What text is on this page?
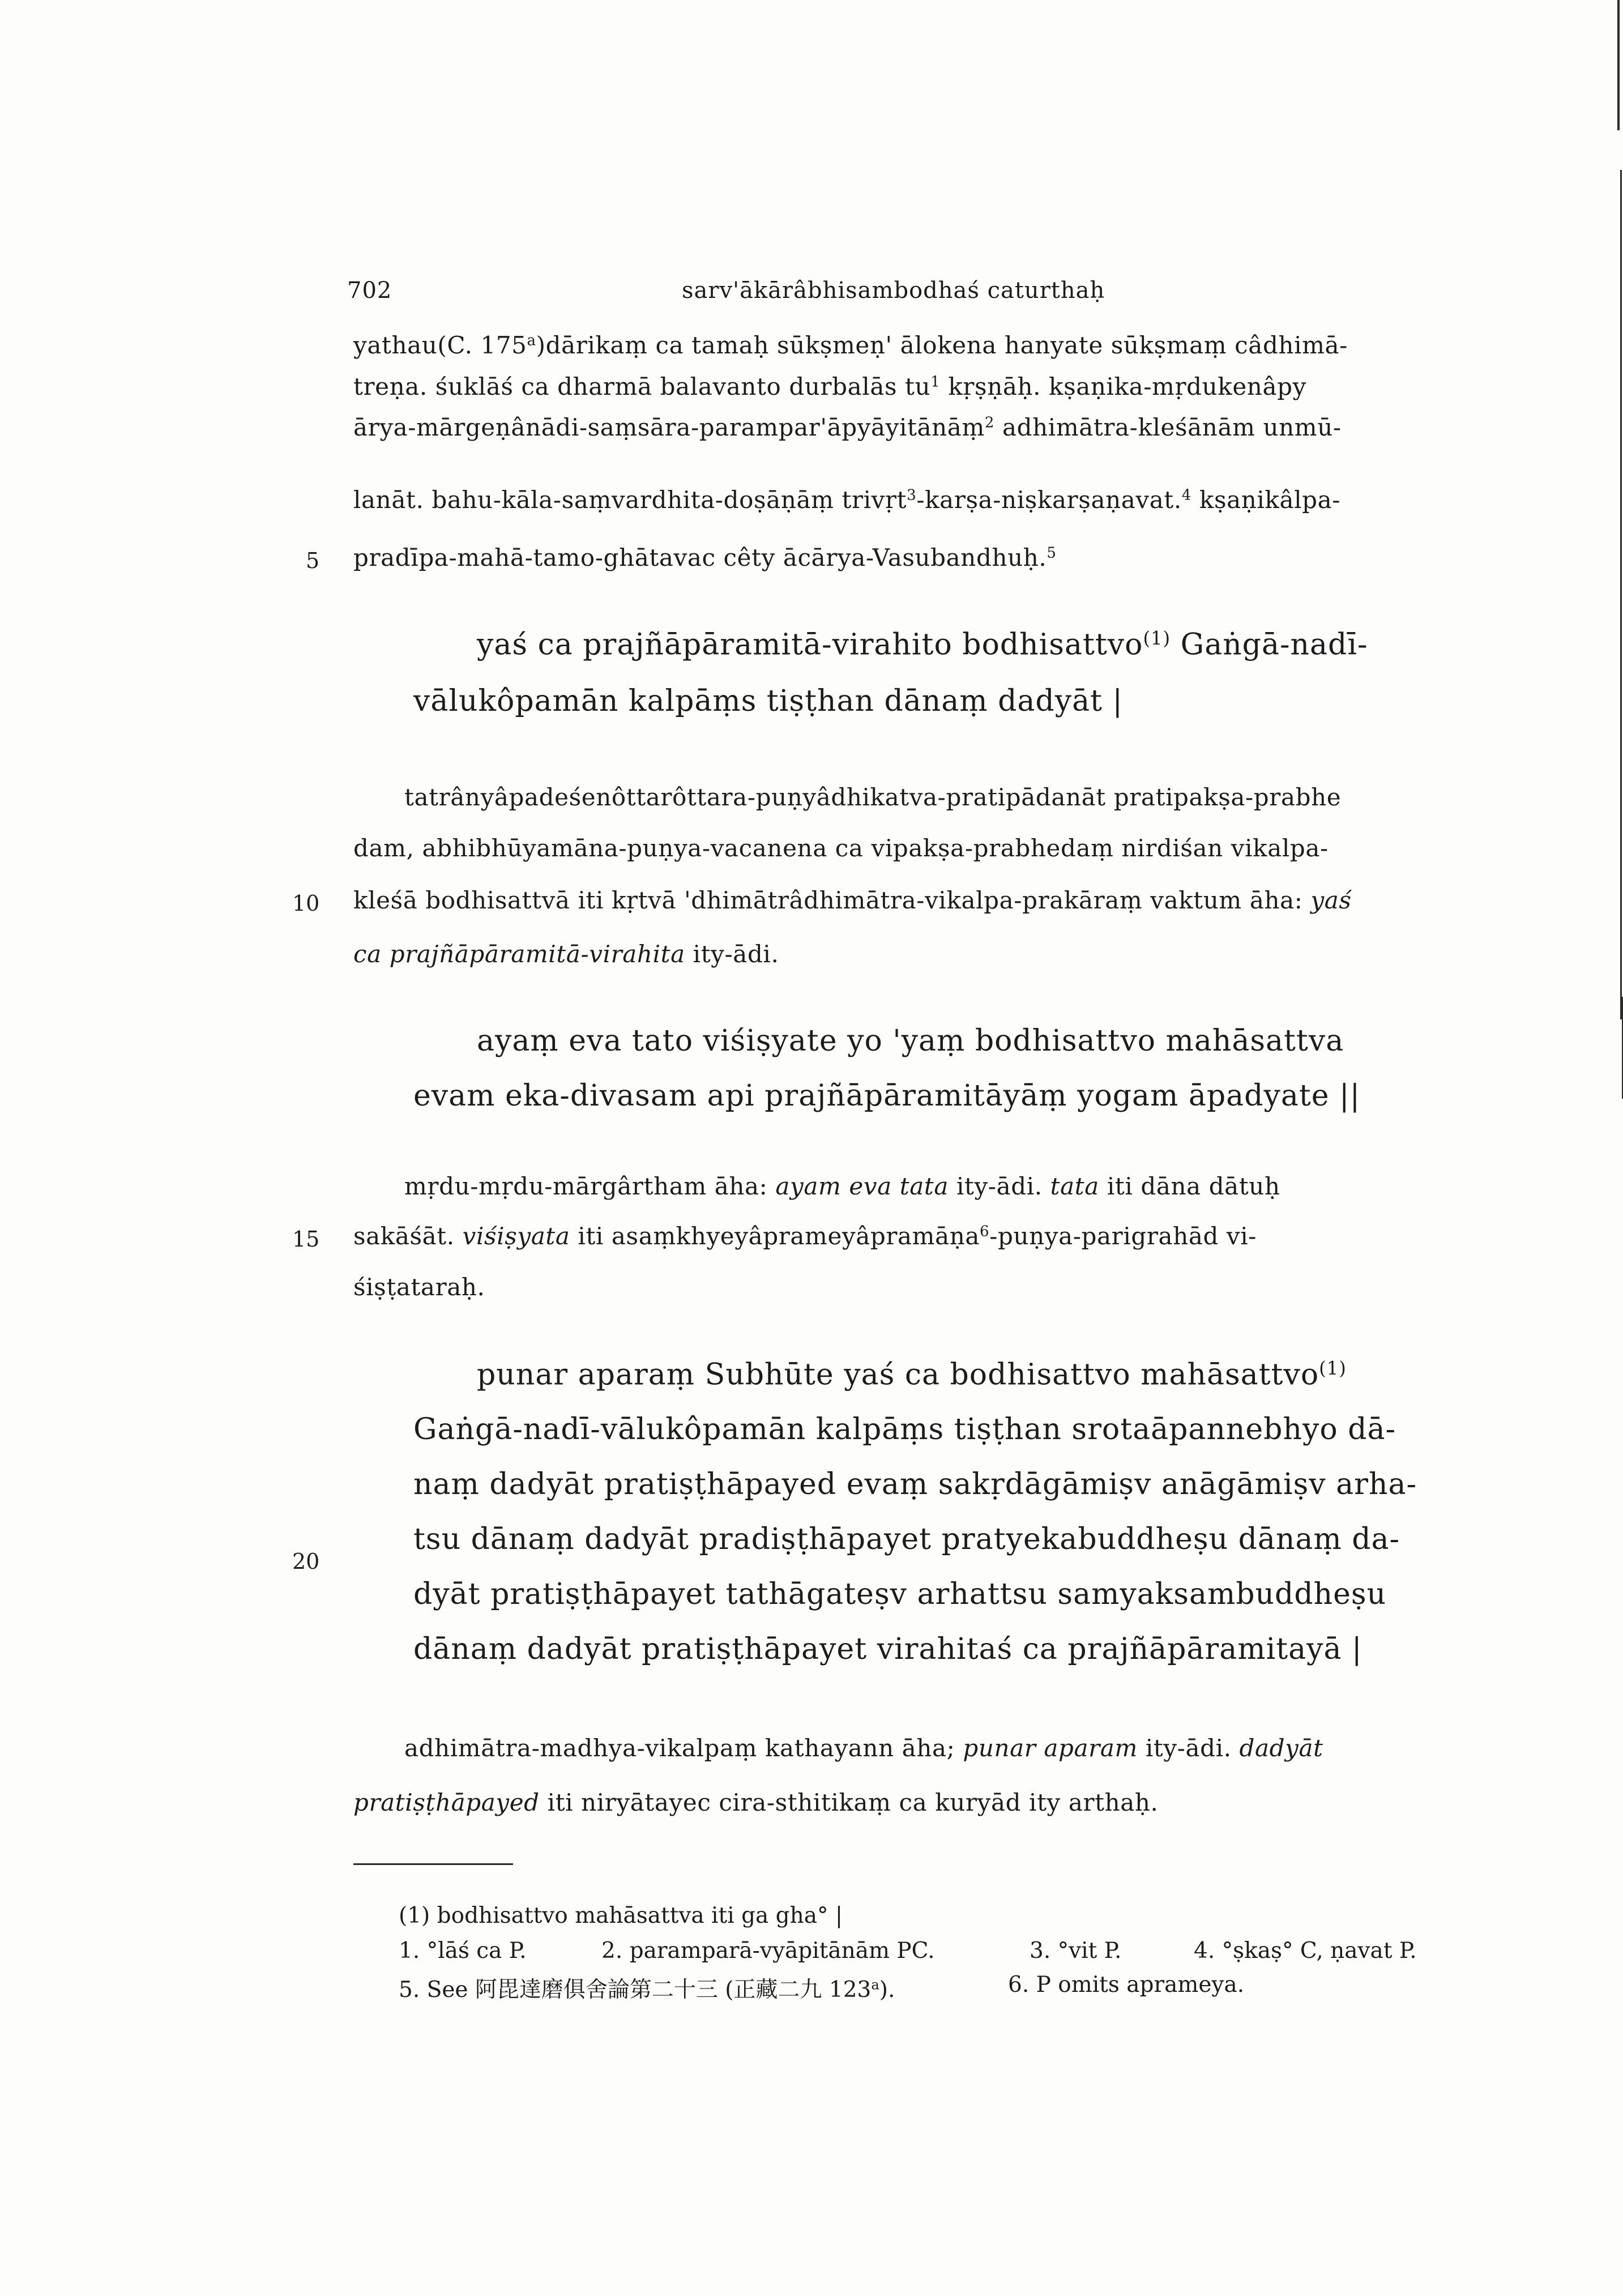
702	sarv'ākārâbhisambodhaś caturthaḥ
yathau(C. 175$^a$)dārikaṃ ca tamaḥ sūkṣmeṇ' ālokena hanyate sūkṣmaṃ câdhimā-
treṇa. śuklāś ca dharmā balavanto durbalās $tu^1$ kṛṣṇāḥ. kṣaṇika-mṛdukenâpy
ārya-mārgeṇânādi-saṃsāra-parampar'āpyāyitānāṃ$^2$ adhimātra-kleśānām unmū-
lanāt. bahu-kāla-saṃvardhita-doṣāṇāṃ trivṛt$^3$-karṣa-niṣkarṣaṇavat.$^4$ kṣaṇikâlpa-
5 pradīpa-mahā-tamo-ghātavac cêty ācārya-Vasubandhuḥ.$^5$
yaś ca prajñāpāramitā-virahito bodhisattvo$^{(1)}$ Gaṅgā-nadī-
vālukôpamān kalpāṃs tiṣṭhan dānaṃ dadyāt |
tatrânyâpadeśenôttarôttara-puṇyâdhikatva-pratipādanāt pratipakṣa-prabhe
dam, abhibhūyamāna-puṇya-vacanena ca vipakṣa-prabhedaṃ nirdiśan vikalpa-
10 kleśā bodhisattvā iti kṛtvā 'dhimātrâdhimātra-vikalpa-prakāraṃ vaktum āha: yaś
ca prajñāpāramitā-virahita ity-ādi.
ayaṃ eva tato viśiṣyate yo 'yaṃ bodhisattvo mahāsattva
evam eka-divasam api prajñāpāramitāyāṃ yogam āpadyate ||
mṛdu-mṛdu-mārgârtham āha: ayam eva tata ity-ādi. tata iti dāna dātuḥ
15 sakāśāt. viśiṣyata iti asaṃkhyeyâprameyâpramāṇa$^6$-puṇya-parigrahād vi-
śiṣṭataraḥ.
punar aparaṃ Subhūte yaś ca bodhisattvo mahāsattvo$^{(1)}$
Gaṅgā-nadī-vālukôpamān kalpāṃs tiṣṭhan srotaāpannebhyo dā-
naṃ dadyāt pratiṣṭhāpayed evaṃ sakṛdāgāmiṣv anāgāmiṣv arha-
20
tsu dānaṃ dadyāt pradiṣṭhāpayet pratyekabuddheṣu dānaṃ da-
dyāt pratiṣṭhāpayet tathāgateṣv arhattsu samyaksambuddheṣu
dānaṃ dadyāt pratiṣṭhāpayet virahitaś ca prajñāpāramitayā |
adhimātra-madhya-vikalpaṃ kathayann āha; punar aparam ity-ādi. dadyāt
pratiṣṭhāpayed iti niryātayec cira-sthitikaṃ ca kuryād ity arthaḥ.
(1) bodhisattvo mahāsattva iti ga gha° |
1. °lāś ca P.	2. paramparā-vyāpitānām PC.	3. °vit P.	4. °ṣkaṣ° C, ṇavat P.
5. See 阿毘達磨俱舍論第二十三 (正藏二九 123$^a$).	6. P omits aprameya.
